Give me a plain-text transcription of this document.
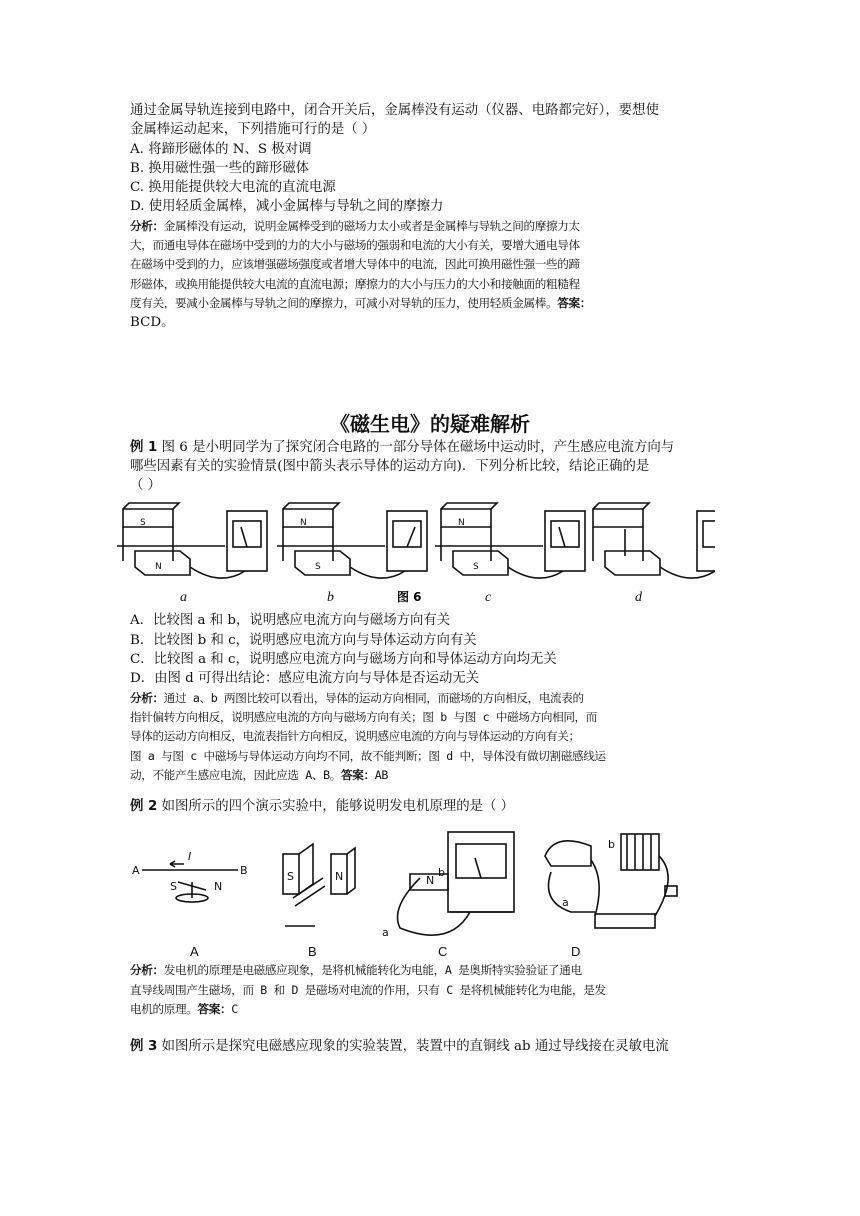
通过金属导轨连接到电路中，闭合开关后，金属棒没有运动（仪器、电路都完好），要想使

金属棒运动起来，下列措施可行的是（ ）

A. 将蹄形磁体的 N、S 极对调

B. 换用磁性强一些的蹄形磁体

C. 换用能提供较大电流的直流电源

D. 使用轻质金属棒，减小金属棒与导轨之间的摩擦力

分析：金属棒没有运动，说明金属棒受到的磁场力太小或者是金属棒与导轨之间的摩擦力太

大，而通电导体在磁场中受到的力的大小与磁场的强弱和电流的大小有关，要增大通电导体

在磁场中受到的力，应该增强磁场强度或者增大导体中的电流，因此可换用磁性强一些的蹄

形磁体，或换用能提供较大电流的直流电源；摩擦力的大小与压力的大小和接触面的粗糙程

度有关，要减小金属棒与导轨之间的摩擦力，可减小对导轨的压力，使用轻质金属棒。答案：

BCD。

《磁生电》的疑难解析

例 1 图 6 是小明同学为了探究闭合电路的一部分导体在磁场中运动时，产生感应电流方向与

哪些因素有关的实验情景(图中箭头表示导体的运动方向)．下列分析比较，结论正确的是

（ ）

S
N
N
S
N
S
a	b	c	d
图 6

A．比较图 a 和 b，说明感应电流方向与磁场方向有关

B．比较图 b 和 c，说明感应电流方向与导体运动方向有关

C．比较图 a 和 c，说明感应电流方向与磁场方向和导体运动方向均无关

D．由图 d 可得出结论：感应电流方向与导体是否运动无关

分析：通过 a、b 两图比较可以看出，导体的运动方向相同，而磁场的方向相反，电流表的

指针偏转方向相反，说明感应电流的方向与磁场方向有关；图 b 与图 c 中磁场方向相同，而

导体的运动方向相反，电流表指针方向相反，说明感应电流的方向与导体运动的方向有关；

图 a 与图 c 中磁场与导体运动方向均不同，故不能判断；图 d 中，导体没有做切割磁感线运

动，不能产生感应电流，因此应选 A、B。答案：AB

例 2 如图所示的四个演示实验中，能够说明发电机原理的是（ ）

A	B
I
S	N
S	N	N
b
a
b
a
A	B	C	D

分析：发电机的原理是电磁感应现象，是将机械能转化为电能，A 是奥斯特实验验证了通电

直导线周围产生磁场，而 B 和 D 是磁场对电流的作用，只有 C 是将机械能转化为电能，是发

电机的原理。答案：C

例 3 如图所示是探究电磁感应现象的实验装置，装置中的直铜线 ab 通过导线接在灵敏电流
